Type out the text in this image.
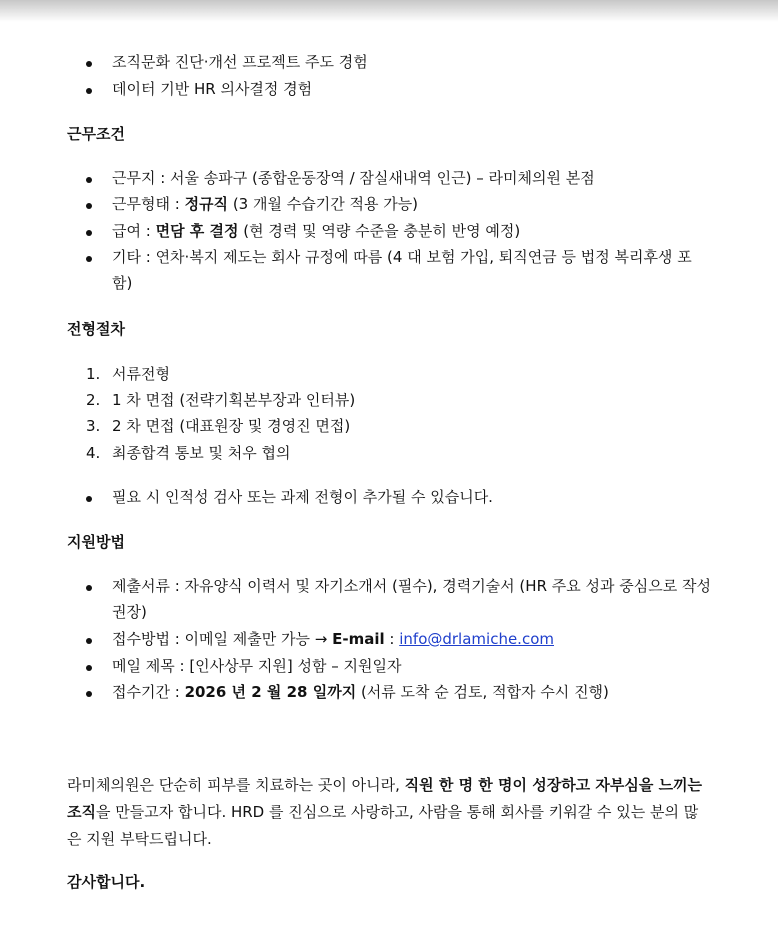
조직문화 진단·개선 프로젝트 주도 경험
데이터 기반 HR 의사결정 경험
근무조건
근무지 : 서울 송파구 (종합운동장역 / 잠실새내역 인근) – 라미체의원 본점
근무형태 : 정규직 (3 개월 수습기간 적용 가능)
급여 : 면담 후 결정 (현 경력 및 역량 수준을 충분히 반영 예정)
기타 : 연차·복지 제도는 회사 규정에 따름 (4 대 보험 가입, 퇴직연금 등 법정 복리후생 포함)
전형절차
1. 서류전형
2. 1 차 면접 (전략기획본부장과 인터뷰)
3. 2 차 면접 (대표원장 및 경영진 면접)
4. 최종합격 통보 및 처우 협의
필요 시 인적성 검사 또는 과제 전형이 추가될 수 있습니다.
지원방법
제출서류 : 자유양식 이력서 및 자기소개서 (필수), 경력기술서 (HR 주요 성과 중심으로 작성 권장)
접수방법 : 이메일 제출만 가능 → E-mail : info@drlamiche.com
메일 제목 : [인사상무 지원] 성함 – 지원일자
접수기간 : 2026 년 2 월 28 일까지 (서류 도착 순 검토, 적합자 수시 진행)
라미체의원은 단순히 피부를 치료하는 곳이 아니라, 직원 한 명 한 명이 성장하고 자부심을 느끼는 조직을 만들고자 합니다. HRD 를 진심으로 사랑하고, 사람을 통해 회사를 키워갈 수 있는 분의 많은 지원 부탁드립니다.
감사합니다.
